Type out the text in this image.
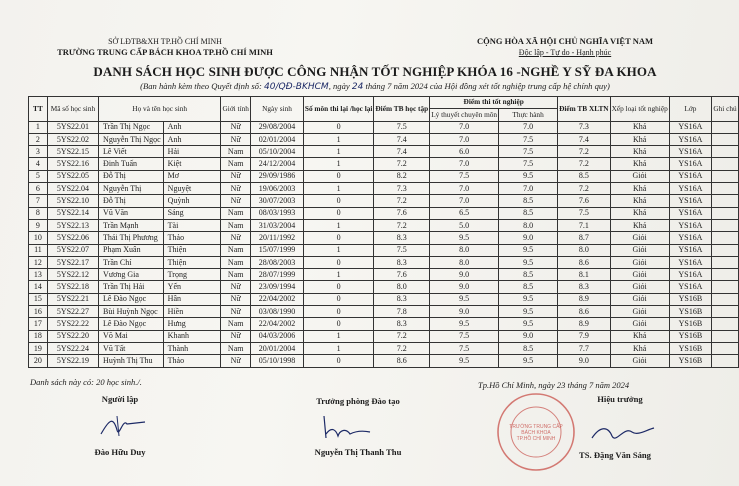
SỞ LĐTB&XH TP.HỒ CHÍ MINH
TRƯỜNG TRUNG CẤP BÁCH KHOA TP.HỒ CHÍ MINH
CỘNG HÒA XÃ HỘI CHỦ NGHĨA VIỆT NAM
Độc lập - Tự do - Hạnh phúc
DANH SÁCH HỌC SINH ĐƯỢC CÔNG NHẬN TỐT NGHIỆP KHÓA 16 -NGHỀ Y SỸ ĐA KHOA
(Ban hành kèm theo Quyết định số: 40/QĐ-BKHCM, ngày 24 tháng 7 năm 2024 của Hội đồng xét tốt nghiệp trung cấp hệ chính quy)
TT	Mã số học sinh	Họ và tên học sinh		Giới tính	Ngày sinh	Số môn thi lại /học lại	Điểm TB học tập	Điểm thi tốt nghiệp		Điểm TB XLTN	Xếp loại tốt nghiệp	Lớp	Ghi chú
								Lý thuyết chuyên môn	Thực hành				
1	5YS22.01	Trần Thị Ngọc	Anh	Nữ	29/08/2004	0	7.5	7.0	7.0	7.3	Khá	YS16A	
2	5YS22.02	Nguyễn Thị Ngọc	Anh	Nữ	02/01/2004	1	7.4	7.0	7.5	7.4	Khá	YS16A	
3	5YS22.15	Lê Viết	Hải	Nam	05/10/2004	1	7.4	6.0	7.5	7.2	Khá	YS16A	
4	5YS22.16	Đinh Tuấn	Kiệt	Nam	24/12/2004	1	7.2	7.0	7.5	7.2	Khá	YS16A	
5	5YS22.05	Đỗ Thị	Mơ	Nữ	29/09/1986	0	8.2	7.5	9.5	8.5	Giỏi	YS16A	
6	5YS22.04	Nguyễn Thị	Nguyệt	Nữ	19/06/2003	1	7.3	7.0	7.0	7.2	Khá	YS16A	
7	5YS22.10	Đỗ Thị	Quỳnh	Nữ	30/07/2003	0	7.2	7.0	8.5	7.6	Khá	YS16A	
8	5YS22.14	Vũ Văn	Sáng	Nam	08/03/1993	0	7.6	6.5	8.5	7.5	Khá	YS16A	
9	5YS22.13	Trần Mạnh	Tài	Nam	31/03/2004	1	7.2	5.0	8.0	7.1	Khá	YS16A	
10	5YS22.06	Thái Thị Phương	Thảo	Nữ	20/11/1992	0	8.3	9.5	9.0	8.7	Giỏi	YS16A	
11	5YS22.07	Phạm Xuân	Thiện	Nam	15/07/1999	1	7.5	8.0	9.5	8.0	Giỏi	YS16A	
12	5YS22.17	Trần Chí	Thiện	Nam	28/08/2003	0	8.3	8.0	9.5	8.6	Giỏi	YS16A	
13	5YS22.12	Vương Gia	Trọng	Nam	28/07/1999	1	7.6	9.0	8.5	8.1	Giỏi	YS16A	
14	5YS22.18	Trần Thị Hải	Yến	Nữ	23/09/1994	0	8.0	9.0	8.5	8.3	Giỏi	YS16A	
15	5YS22.21	Lê Đào Ngọc	Hân	Nữ	22/04/2002	0	8.3	9.5	9.5	8.9	Giỏi	YS16B	
16	5YS22.27	Bùi Huỳnh Ngọc	Hiền	Nữ	03/08/1990	0	7.8	9.0	9.5	8.6	Giỏi	YS16B	
17	5YS22.22	Lê Đào Ngọc	Hưng	Nam	22/04/2002	0	8.3	9.5	9.5	8.9	Giỏi	YS16B	
18	5YS22.20	Võ Mai	Khanh	Nữ	04/03/2006	1	7.2	7.5	9.0	7.9	Khá	YS16B	
19	5YS22.24	Vũ Tất	Thành	Nam	20/01/2004	1	7.2	7.5	8.5	7.7	Khá	YS16B	
20	5YS22.19	Huỳnh Thị Thu	Thảo	Nữ	05/10/1998	0	8.6	9.5	9.5	9.0	Giỏi	YS16B	
Danh sách này có: 20 học sinh./.	Tp.Hồ Chí Minh, ngày 23 tháng 7 năm 2024
Người lập	Trưởng phòng Đào tạo	Hiệu trưởng
TRƯỜNG TRUNG CẤP
BÁCH KHOA
TP.HỒ CHÍ MINH
Đào Hữu Duy	Nguyễn Thị Thanh Thu	TS. Đặng Văn Sáng
